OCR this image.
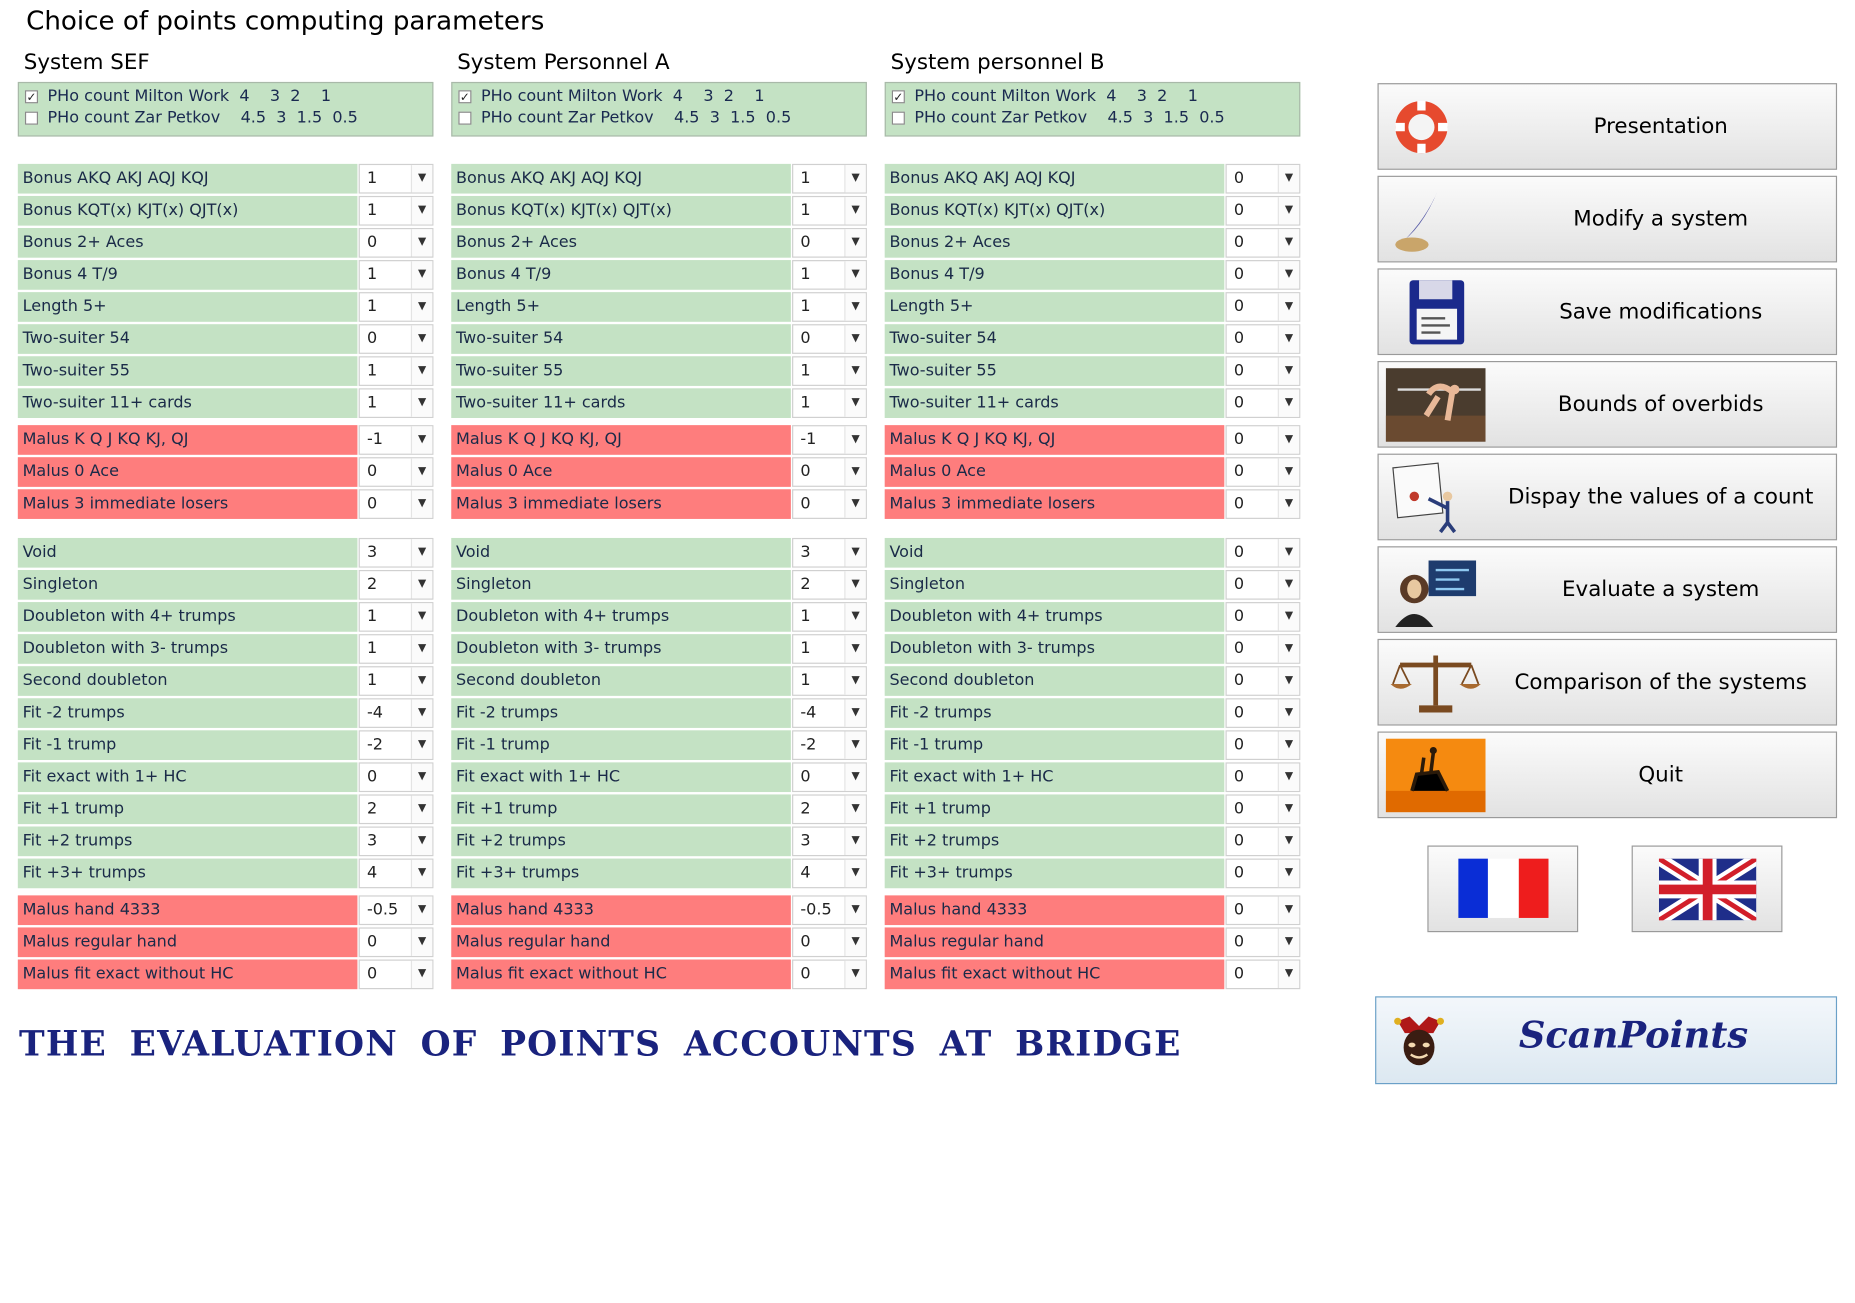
Choice of points computing parameters
System SEF
✓ PHo count Milton Work  4    3  2    1
PHo count Zar Petkov    4.5  3  1.5  0.5
Bonus AKQ AKJ AQJ KQJ	1	▼
Bonus KQT(x) KJT(x) QJT(x)	1	▼
Bonus 2+ Aces	0	▼
Bonus 4 T/9	1	▼
Length 5+	1	▼
Two-suiter 54	0	▼
Two-suiter 55	1	▼
Two-suiter 11+ cards	1	▼
Malus K Q J KQ KJ, QJ	-1	▼
Malus 0 Ace	0	▼
Malus 3 immediate losers	0	▼
Void	3	▼
Singleton	2	▼
Doubleton with 4+ trumps	1	▼
Doubleton with 3- trumps	1	▼
Second doubleton	1	▼
Fit -2 trumps	-4	▼
Fit -1 trump	-2	▼
Fit exact with 1+ HC	0	▼
Fit +1 trump	2	▼
Fit +2 trumps	3	▼
Fit +3+ trumps	4	▼
Malus hand 4333	-0.5	▼
Malus regular hand	0	▼
Malus fit exact without HC	0	▼
System Personnel A
✓ PHo count Milton Work  4    3  2    1
PHo count Zar Petkov    4.5  3  1.5  0.5
Bonus AKQ AKJ AQJ KQJ	1	▼
Bonus KQT(x) KJT(x) QJT(x)	1	▼
Bonus 2+ Aces	0	▼
Bonus 4 T/9	1	▼
Length 5+	1	▼
Two-suiter 54	0	▼
Two-suiter 55	1	▼
Two-suiter 11+ cards	1	▼
Malus K Q J KQ KJ, QJ	-1	▼
Malus 0 Ace	0	▼
Malus 3 immediate losers	0	▼
Void	3	▼
Singleton	2	▼
Doubleton with 4+ trumps	1	▼
Doubleton with 3- trumps	1	▼
Second doubleton	1	▼
Fit -2 trumps	-4	▼
Fit -1 trump	-2	▼
Fit exact with 1+ HC	0	▼
Fit +1 trump	2	▼
Fit +2 trumps	3	▼
Fit +3+ trumps	4	▼
Malus hand 4333	-0.5	▼
Malus regular hand	0	▼
Malus fit exact without HC	0	▼
System personnel B
✓ PHo count Milton Work  4    3  2    1
PHo count Zar Petkov    4.5  3  1.5  0.5
Bonus AKQ AKJ AQJ KQJ	0	▼
Bonus KQT(x) KJT(x) QJT(x)	0	▼
Bonus 2+ Aces	0	▼
Bonus 4 T/9	0	▼
Length 5+	0	▼
Two-suiter 54	0	▼
Two-suiter 55	0	▼
Two-suiter 11+ cards	0	▼
Malus K Q J KQ KJ, QJ	0	▼
Malus 0 Ace	0	▼
Malus 3 immediate losers	0	▼
Void	0	▼
Singleton	0	▼
Doubleton with 4+ trumps	0	▼
Doubleton with 3- trumps	0	▼
Second doubleton	0	▼
Fit -2 trumps	0	▼
Fit -1 trump	0	▼
Fit exact with 1+ HC	0	▼
Fit +1 trump	0	▼
Fit +2 trumps	0	▼
Fit +3+ trumps	0	▼
Malus hand 4333	0	▼
Malus regular hand	0	▼
Malus fit exact without HC	0	▼
Presentation
Modify a system
Save modifications
Bounds of overbids
Dispay the values of a count
Evaluate a system
Comparison of the systems
Quit
THE EVALUATION OF POINTS ACCOUNTS AT BRIDGE	ScanPoints
